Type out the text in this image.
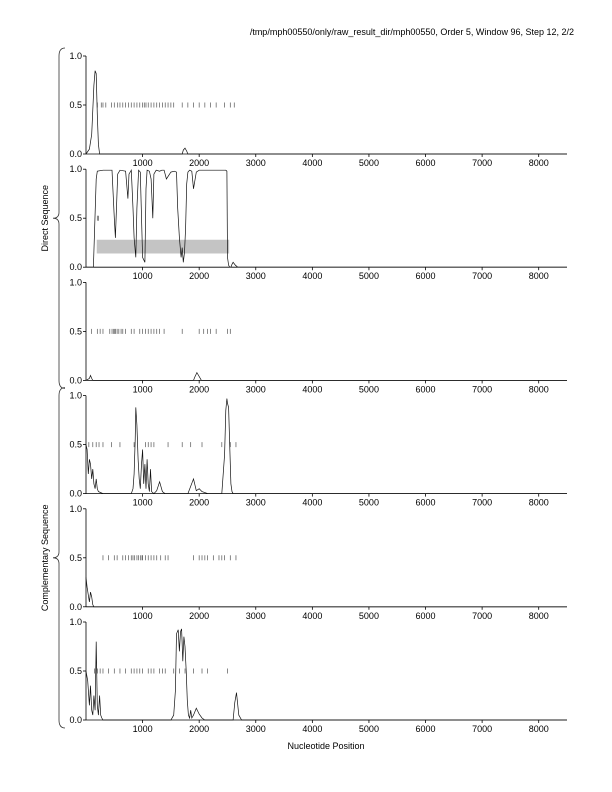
/tmp/mph00550/only/raw_result_dir/mph00550, Order 5, Window 96, Step 12, 2/2
0.0
0.5
1.0
1000	2000	3000	4000	5000	6000	7000	8000
0.0
0.5
1.0
1000	2000	3000	4000	5000	6000	7000	8000
0.0
0.5
1.0
1000	2000	3000	4000	5000	6000	7000	8000
0.0
0.5
1.0
1000	2000	3000	4000	5000	6000	7000	8000
0.0
0.5
1.0
1000	2000	3000	4000	5000	6000	7000	8000
0.0
0.5
1.0
1000	2000	3000	4000	5000	6000	7000	8000
Direct Sequence
Complementary Sequence
Nucleotide Position
